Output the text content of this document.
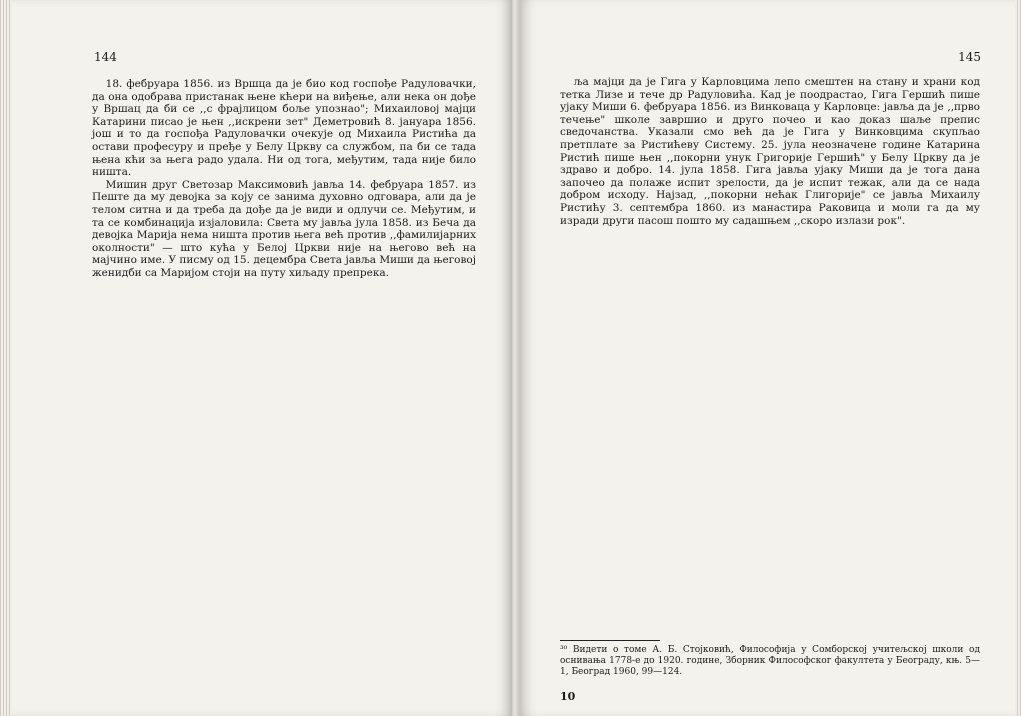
144

18. фебруара 1856. из Вршца да је био код госпође Радуловачки, да она одобрава пристанак њене кћери на виђење, али нека он дође у Вршац да би се ,,с фрајлицом боље упознао"; Михаиловој мајци Катарини писао је њен ,,искрени зет" Деметровић 8. јануара 1856. још и то да госпођа Радуловачки очекује од Михаила Ристића да остави професуру и пређе у Белу Цркву са службом, па би се тада њена кћи за њега радо удала. Ни од тога, међутим, тада није било ништа.

Мишин друг Светозар Максимовић јавља 14. фебруара 1857. из Пеште да му девојка за коју се занима духовно одговара, али да је телом ситна и да треба да дође да је види и одлучи се. Међутим, и та се комбинација изјаловила: Света му јавља јула 1858. из Беча да девојка Марија нема ништа против њега већ против ,,фамилијарних околности" — што кућа у Белој Цркви није на његово већ на мајчино име. У писму од 15. децембра Света јавља Миши да његовој женидби са Маријом стоји на путу хиљаду препрека.

145

ља мајци да је Гига у Карловцима лепо смештен на стану и храни код тетка Лизе и тече др Радуловића. Кад је поодрастао, Гига Гершић пише ујаку Миши 6. фебруара 1856. из Винковаца у Карловце: јавља да је ,,прво течење" школе завршио и друго почео и као доказ шаље препис сведочанства. Указали смо већ да је Гига у Винковцима скупљао претплате за Ристићеву Систему. 25. јула неозначене године Катарина Ристић пише њен ,,покорни унук Григорије Гершић" у Белу Цркву да је здраво и добро. 14. јула 1858. Гига јавља ујаку Миши да је тога дана започео да полаже испит зрелости, да је испит тежак, али да се нада добром исходу. Најзад, ,,покорни нећак Глигорије" се јавља Михаилу Ристићу 3. септембра 1860. из манастира Раковица и моли га да му изради други пасош пошто му садашњем ,,скоро излази рок".

³⁰ Видети о томе А. Б. Стојковић, Философија у Сомборској учитељској школи од оснивања 1778-е до 1920. године, Зборник Философског факултета у Београду, књ. 5—1, Београд 1960, 99—124.
10
